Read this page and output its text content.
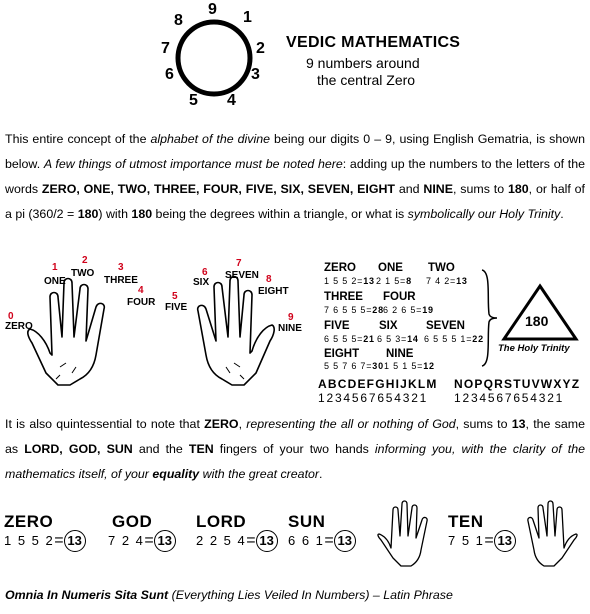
9 1
2
3
4
5
6
7
8
VEDIC MATHEMATICS
9 numbers around
the central Zero
This entire concept of the alphabet of the divine being our digits 0 – 9, using English Gematria, is shown below. A few things of utmost importance must be noted here: adding up the numbers to the letters of the words ZERO, ONE, TWO, THREE, FOUR, FIVE, SIX, SEVEN, EIGHT and NINE, sums to 180, or half of a pi (360/2 = 180) with 180 being the degrees within a triangle, or what is symbolically our Holy Trinity.
0
ZERO
1
ONE
2
TWO
3
THREE
4
FOUR
5
FIVE
6
SIX
7
SEVEN 8
EIGHT
9
NINE
ZERO
1 5 5 2=13
ONE
2 1 5=8
TWO
7 4 2=13
THREE
7 6 5 5 5=28
FOUR
6 2 6 5=19
FIVE
6 5 5 5=21
SIX
6 5 3=14
SEVEN
6 5 5 5 1=22
EIGHT
5 5 7 6 7=30
NINE
1 5 1 5=12
180
The Holy Trinity
ABCDEFGHIJKLM NOPQRSTUVWXYZ
1234567654321 1234567654321
It is also quintessential to note that ZERO, representing the all or nothing of God, sums to 13, the same as LORD, GOD, SUN and the TEN fingers of your two hands informing you, with the clarity of the mathematics itself, of your equality with the great creator.
ZERO
1 5 5 2= 13
GOD
7 2 4= 13
LORD
2 2 5 4= 13
SUN
6 6 1= 13
TEN
7 5 1= 13
Omnia In Numeris Sita Sunt (Everything Lies Veiled In Numbers) – Latin Phrase
